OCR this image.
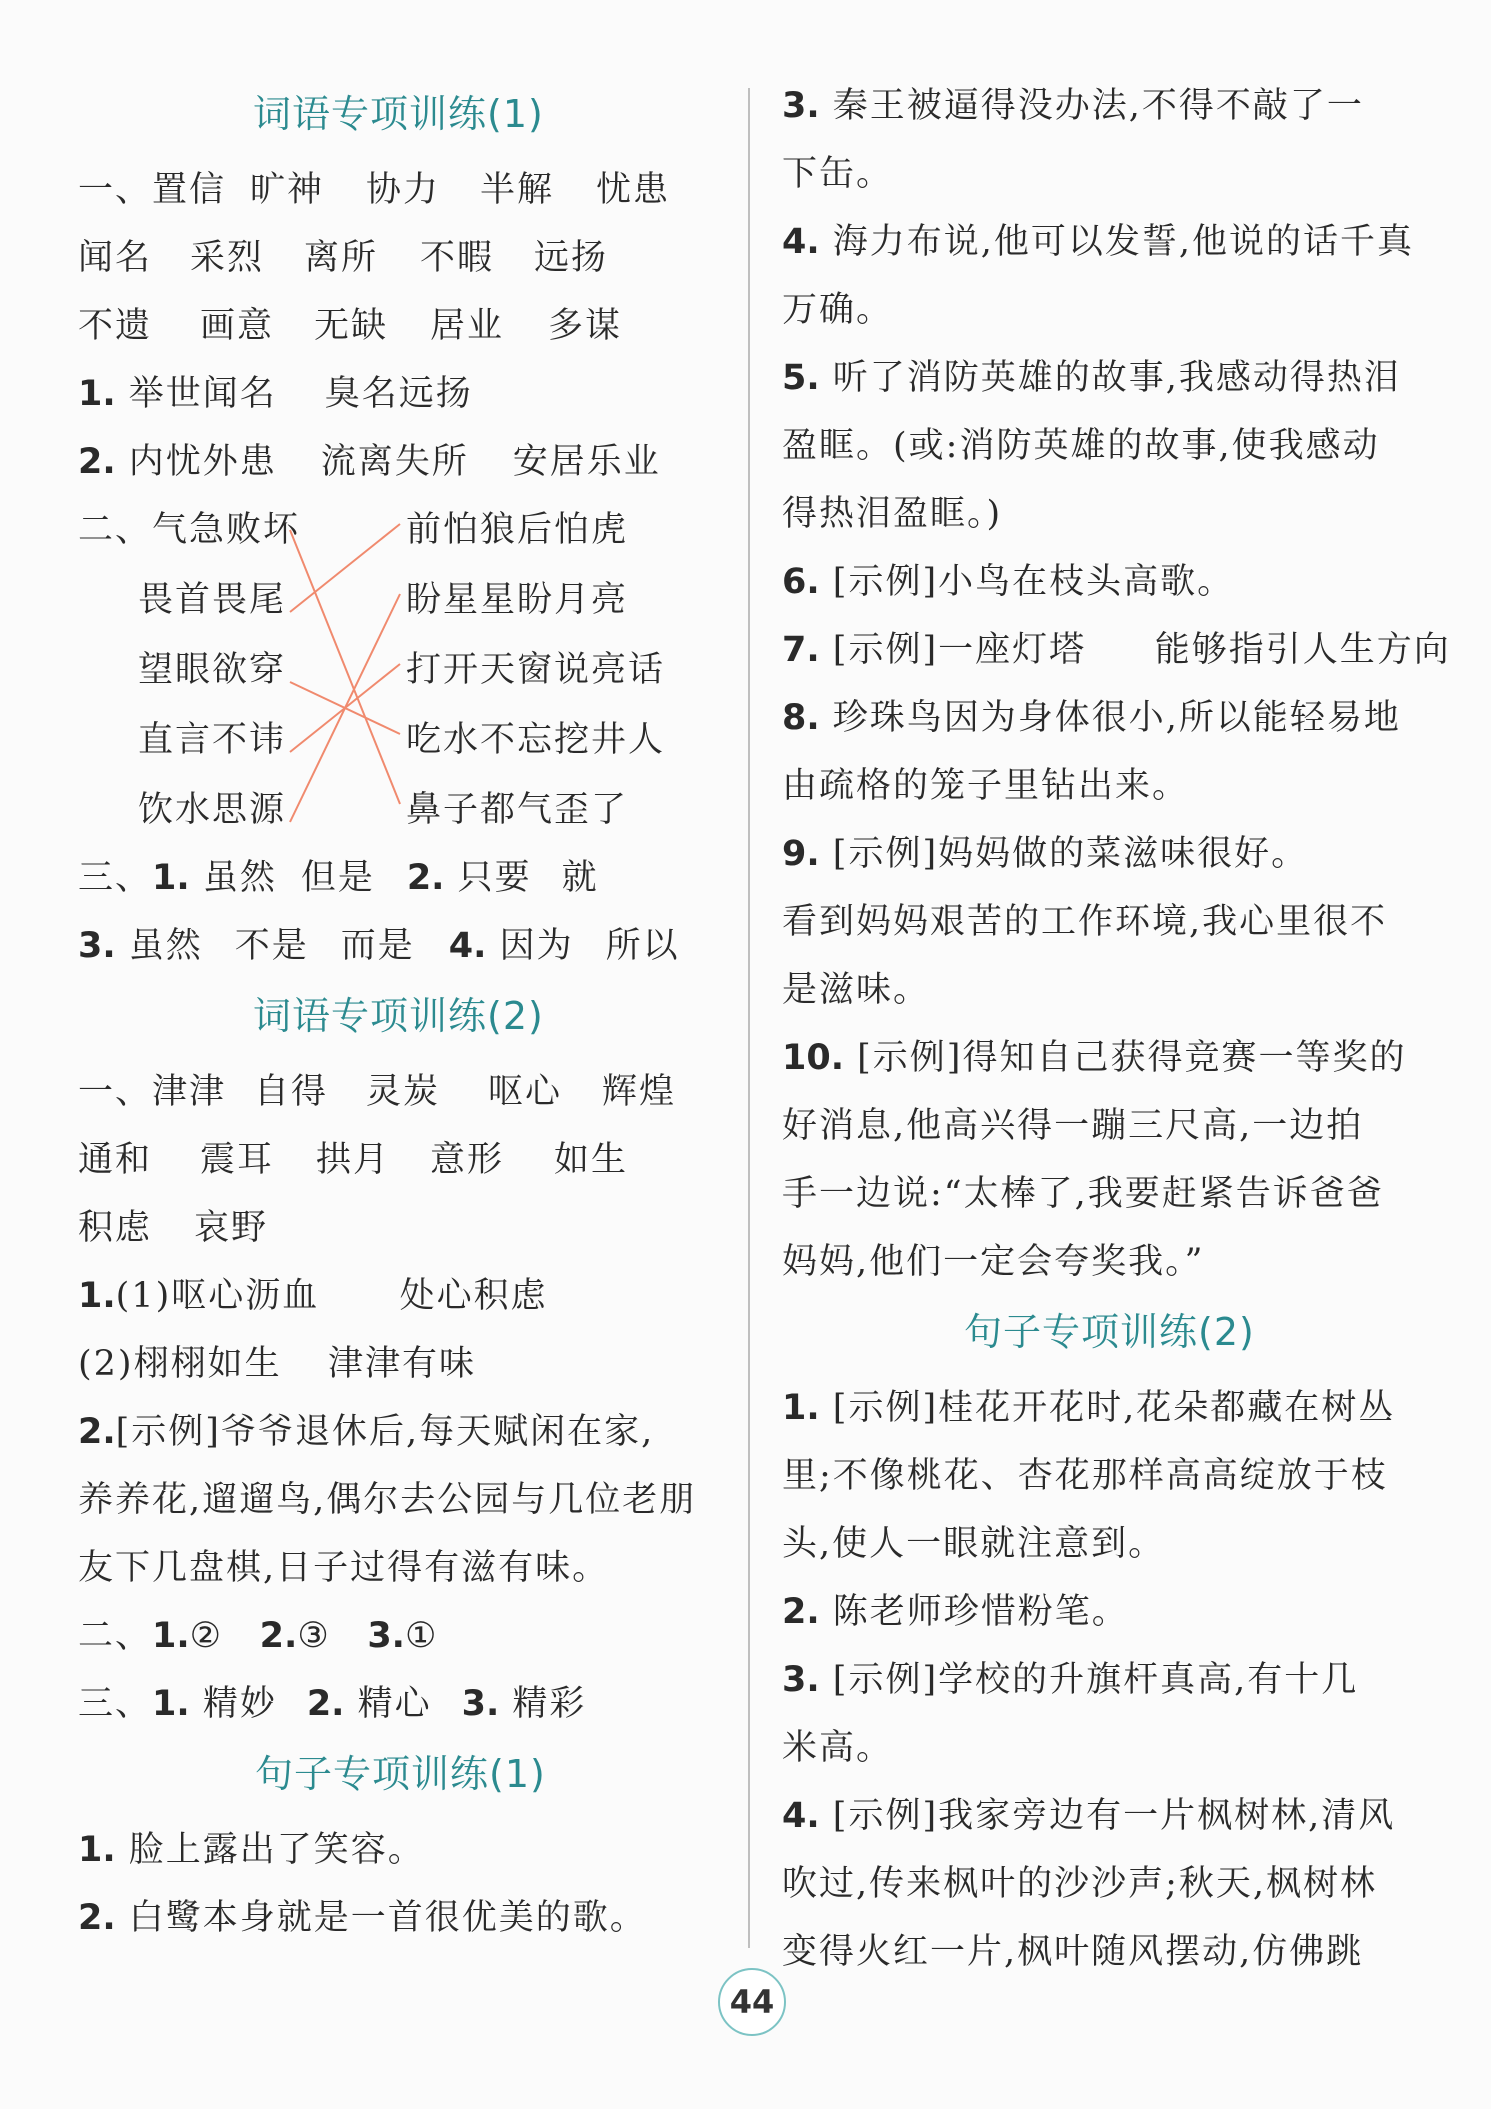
词语专项训练(1)
一、置信 旷神 协力 半解 忧患
闻名 采烈 离所 不暇 远扬
不遗 画意 无缺 居业 多谋
1. 举世闻名 臭名远扬
2. 内忧外患 流离失所 安居乐业
二、气急败坏
畏首畏尾
望眼欲穿
直言不讳
饮水思源
前怕狼后怕虎
盼星星盼月亮
打开天窗说亮话
吃水不忘挖井人
鼻子都气歪了
三、1. 虽然 但是 2. 只要 就
3. 虽然 不是 而是 4. 因为 所以
词语专项训练(2)
一、津津 自得 灵炭 呕心 辉煌
通和 震耳 拱月 意形 如生
积虑 哀野
1.(1)呕心沥血 处心积虑
(2)栩栩如生 津津有味
2.[示例]爷爷退休后,每天赋闲在家,
养养花,遛遛鸟,偶尔去公园与几位老朋
友下几盘棋,日子过得有滋有味。
二、1.② 2.③ 3.①
三、1. 精妙 2. 精心 3. 精彩
句子专项训练(1)
1. 脸上露出了笑容。
2. 白鹭本身就是一首很优美的歌。
3. 秦王被逼得没办法,不得不敲了一
下缶。
4. 海力布说,他可以发誓,他说的话千真
万确。
5. 听了消防英雄的故事,我感动得热泪
盈眶。(或:消防英雄的故事,使我感动
得热泪盈眶。)
6. [示例]小鸟在枝头高歌。
7. [示例]一座灯塔 能够指引人生方向
8. 珍珠鸟因为身体很小,所以能轻易地
由疏格的笼子里钻出来。
9. [示例]妈妈做的菜滋味很好。
看到妈妈艰苦的工作环境,我心里很不
是滋味。
10. [示例]得知自己获得竞赛一等奖的
好消息,他高兴得一蹦三尺高,一边拍
手一边说:“太棒了,我要赶紧告诉爸爸
妈妈,他们一定会夸奖我。”
句子专项训练(2)
1. [示例]桂花开花时,花朵都藏在树丛
里;不像桃花、杏花那样高高绽放于枝
头,使人一眼就注意到。
2. 陈老师珍惜粉笔。
3. [示例]学校的升旗杆真高,有十几
米高。
4. [示例]我家旁边有一片枫树林,清风
吹过,传来枫叶的沙沙声;秋天,枫树林
变得火红一片,枫叶随风摆动,仿佛跳
44
